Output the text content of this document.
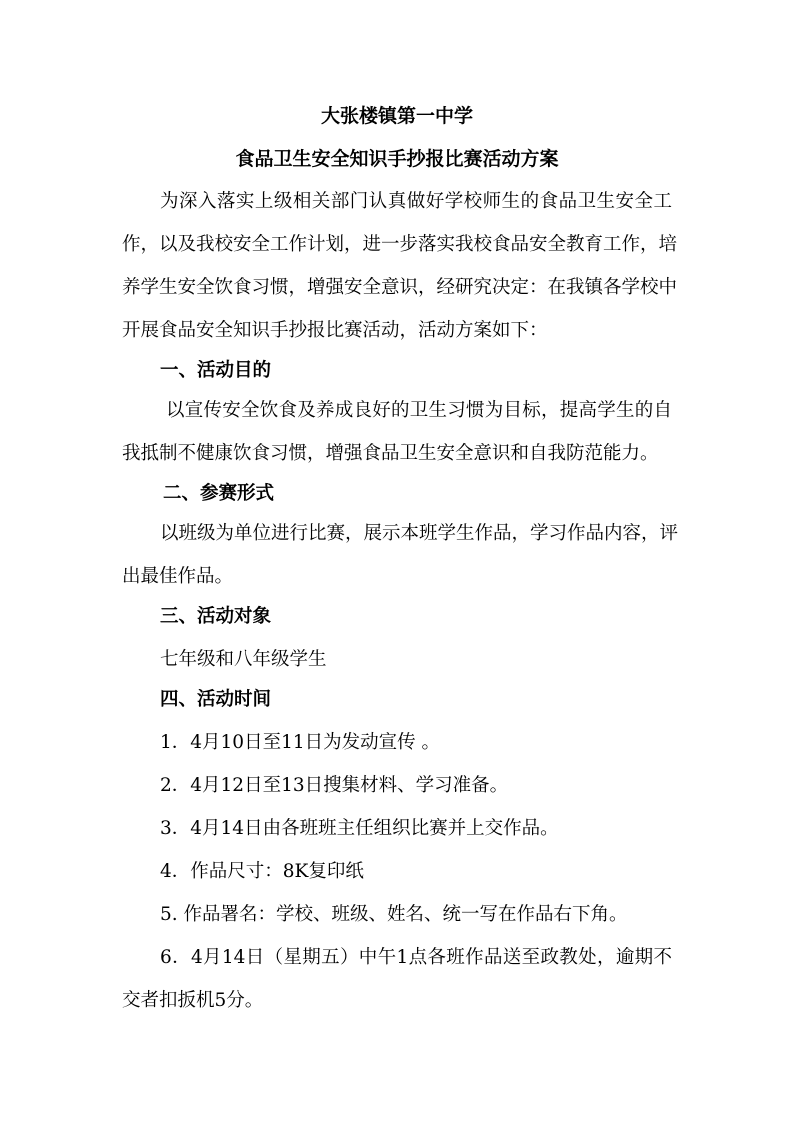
大张楼镇第一中学
食品卫生安全知识手抄报比赛活动方案
为深入落实上级相关部门认真做好学校师生的食品卫生安全工
作，以及我校安全工作计划，进一步落实我校食品安全教育工作，培
养学生安全饮食习惯，增强安全意识，经研究决定：在我镇各学校中
开展食品安全知识手抄报比赛活动，活动方案如下：
一、活动目的
以宣传安全饮食及养成良好的卫生习惯为目标，提高学生的自
我抵制不健康饮食习惯，增强食品卫生安全意识和自我防范能力。
二、参赛形式
以班级为单位进行比赛，展示本班学生作品，学习作品内容，评
出最佳作品。
三、活动对象
七年级和八年级学生
四、活动时间
1．4月10日至11日为发动宣传 。
2．4月12日至13日搜集材料、学习准备。
3．4月14日由各班班主任组织比赛并上交作品。
4．作品尺寸：8K复印纸
5. 作品署名：学校、班级、姓名、统一写在作品右下角。
6．4月14日（星期五）中午1点各班作品送至政教处，逾期不
交者扣扳机5分。
